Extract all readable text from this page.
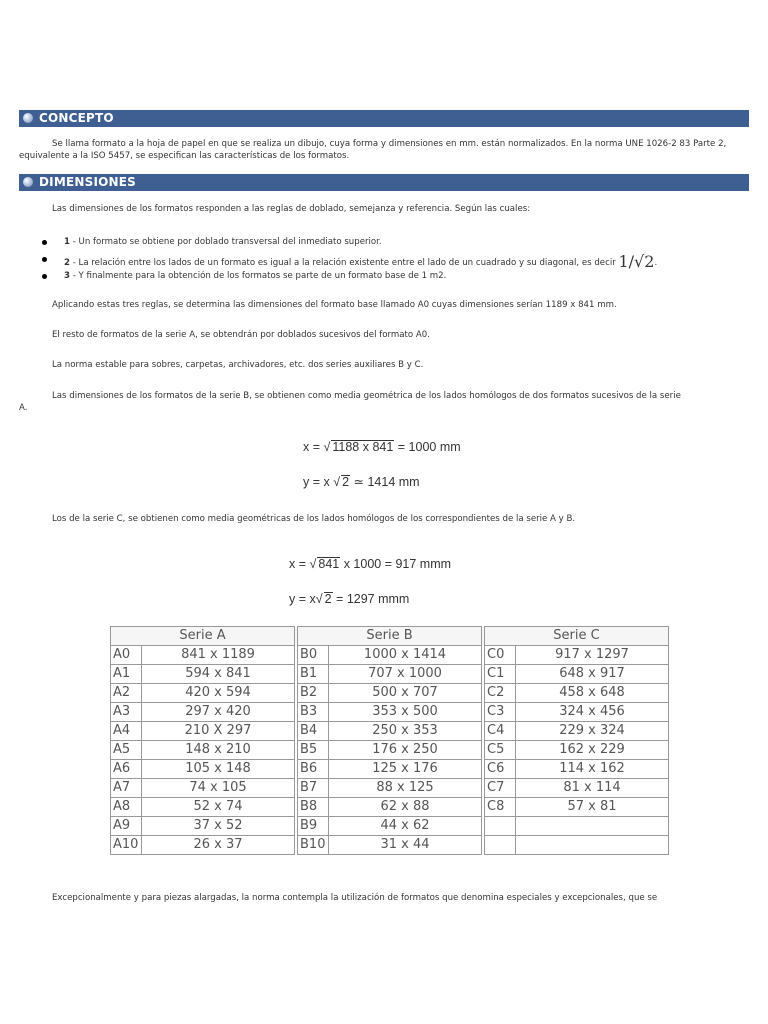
CONCEPTO
Se llama formato a la hoja de papel en que se realiza un dibujo, cuya forma y dimensiones en mm. están normalizados. En la norma UNE 1026-2 83 Parte 2, equivalente a la ISO 5457, se especifican las características de los formatos.
DIMENSIONES
Las dimensiones de los formatos responden a las reglas de doblado, semejanza y referencia. Según las cuales:
1 - Un formato se obtiene por doblado transversal del inmediato superior.
2 - La relación entre los lados de un formato es igual a la relación existente entre el lado de un cuadrado y su diagonal, es decir 1/√2.
3 - Y finalmente para la obtención de los formatos se parte de un formato base de 1 m2.
Aplicando estas tres reglas, se determina las dimensiones del formato base llamado A0 cuyas dimensiones serían 1189 x 841 mm.
El resto de formatos de la serie A, se obtendrán por doblados sucesivos del formato A0.
La norma estable para sobres, carpetas, archivadores, etc. dos series auxiliares B y C.
Las dimensiones de los formatos de la serie B, se obtienen como media geométrica de los lados homólogos de dos formatos sucesivos de la serie
A.
x = √ 1188 x 841 = 1000 mm
y = x √ 2 ≃ 1414 mm
Los de la serie C, se obtienen como media geométricas de los lados homólogos de los correspondientes de la serie A y B.
x = √ 841 x 1000 = 917 mmm
y = x√ 2 = 1297 mmm
Serie A			Serie B			Serie C	
A0	841 x 1189		B0	1000 x 1414		C0	917 x 1297
A1	594 x 841		B1	707 x 1000		C1	648 x 917
A2	420 x 594		B2	500 x 707		C2	458 x 648
A3	297 x 420		B3	353 x 500		C3	324 x 456
A4	210 X 297		B4	250 x 353		C4	229 x 324
A5	148 x 210		B5	176 x 250		C5	162 x 229
A6	105 x 148		B6	125 x 176		C6	114 x 162
A7	74 x 105		B7	88 x 125		C7	81 x 114
A8	52 x 74		B8	62 x 88		C8	57 x 81
A9	37 x 52		B9	44 x 62			
A10	26 x 37		B10	31 x 44			
Excepcionalmente y para piezas alargadas, la norma contempla la utilización de formatos que denomina especiales y excepcionales, que se
